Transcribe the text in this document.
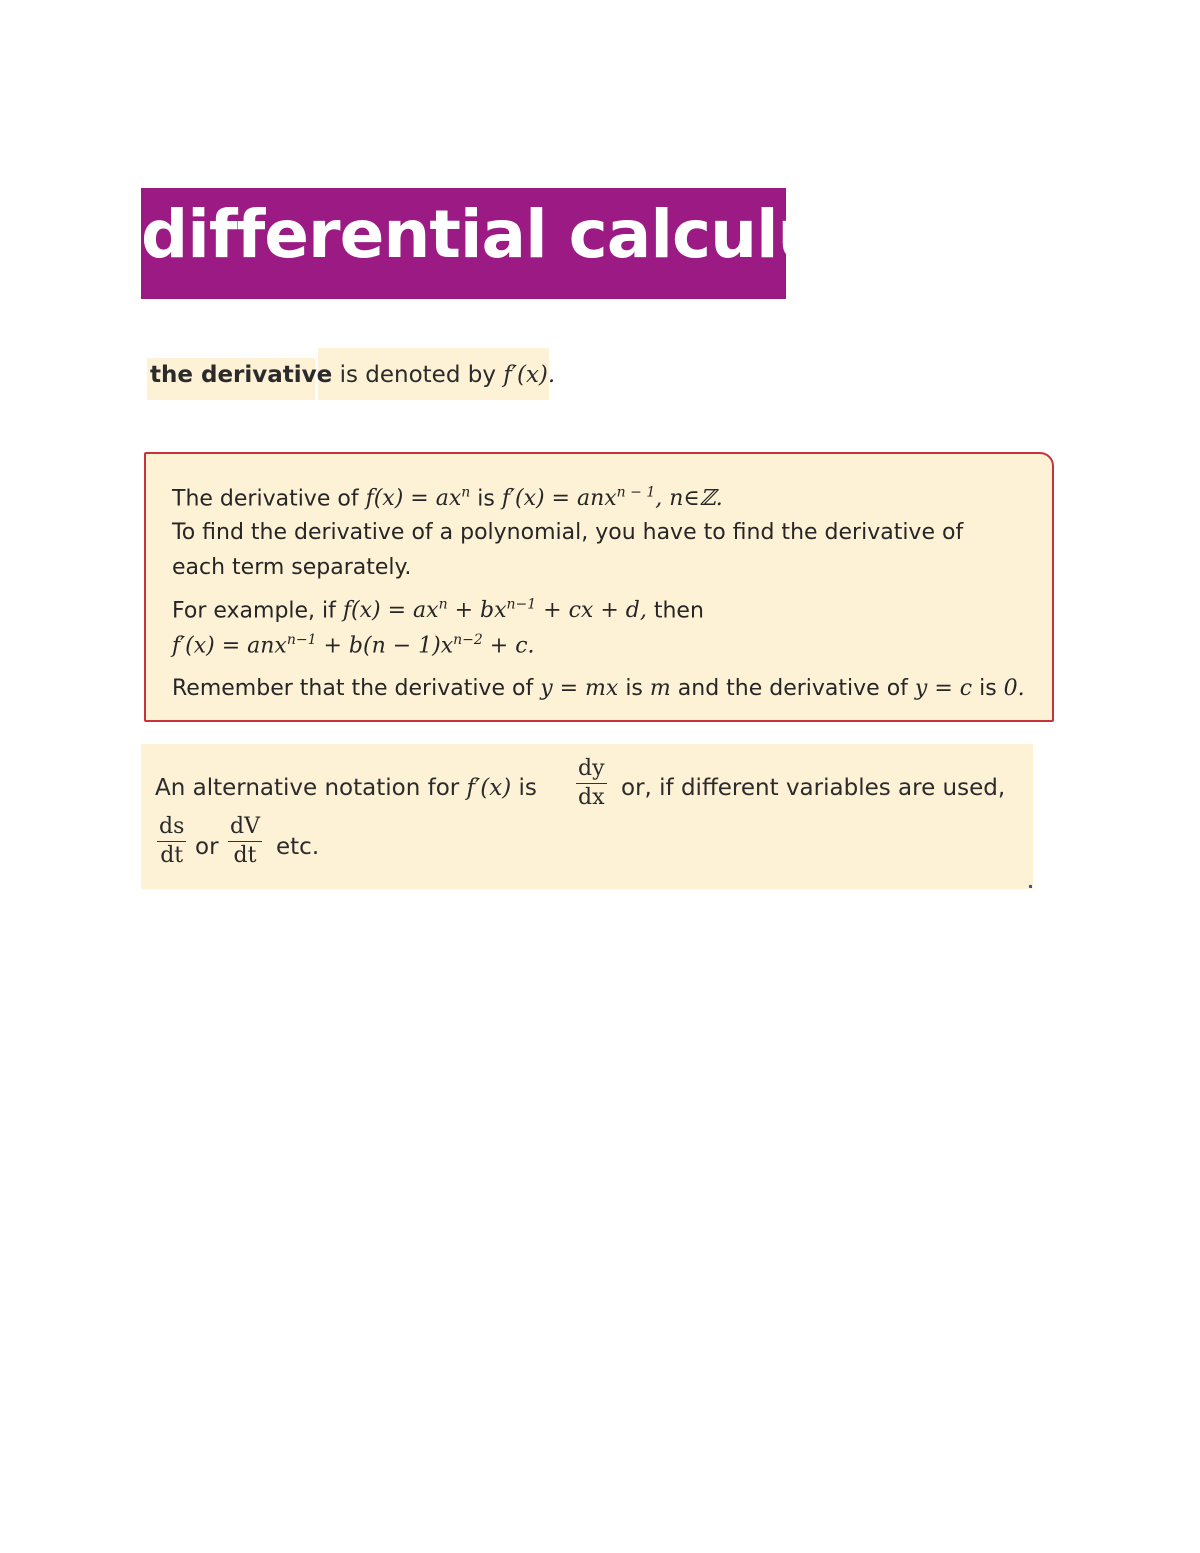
differential calculus
the derivative is denoted by f′(x).
The derivative of $f(x) = ax^n$ is f′(x) = anx$^{n - 1}$, n∈ℤ.
To find the derivative of a polynomial, you have to find the derivative of
each term separately.
For example, if $f(x) = ax^n + bx^{n-1}$ + cx + d, then
$f'(x) = anx^{n-1} + b(n - 1)x^{n-2} + c$.
Remember that the derivative of y = mx is m and the derivative of y = c is 0.
An alternative notation for f′(x) is
dy
dx or, if different variables are used,
ds
dt or
dV
dt etc.
